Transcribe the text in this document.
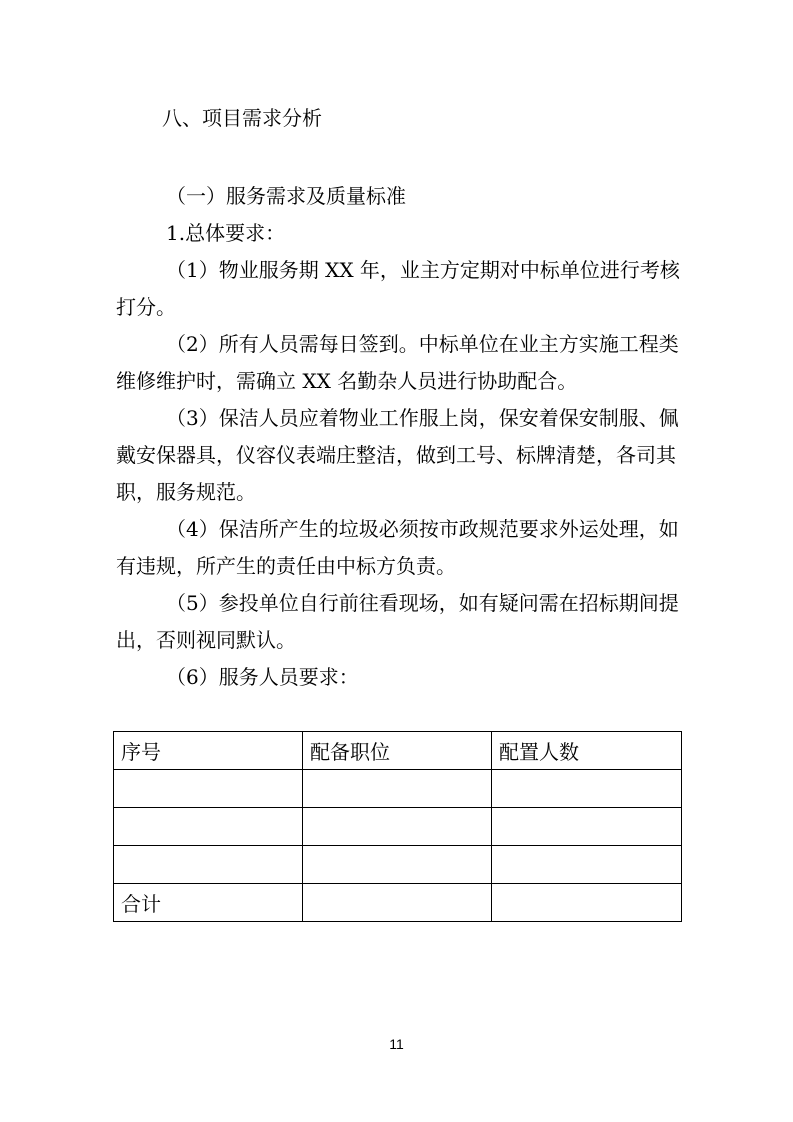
八、项目需求分析

（一）服务需求及质量标准

1.总体要求：

（1）物业服务期 XX 年，业主方定期对中标单位进行考核打分。

（2）所有人员需每日签到。中标单位在业主方实施工程类维修维护时，需确立 XX 名勤杂人员进行协助配合。

（3）保洁人员应着物业工作服上岗，保安着保安制服、佩戴安保器具，仪容仪表端庄整洁，做到工号、标牌清楚，各司其职，服务规范。

（4）保洁所产生的垃圾必须按市政规范要求外运处理，如有违规，所产生的责任由中标方负责。

（5）参投单位自行前往看现场，如有疑问需在招标期间提出，否则视同默认。

（6）服务人员要求：

序号	配备职位	配置人数

合计		
11
